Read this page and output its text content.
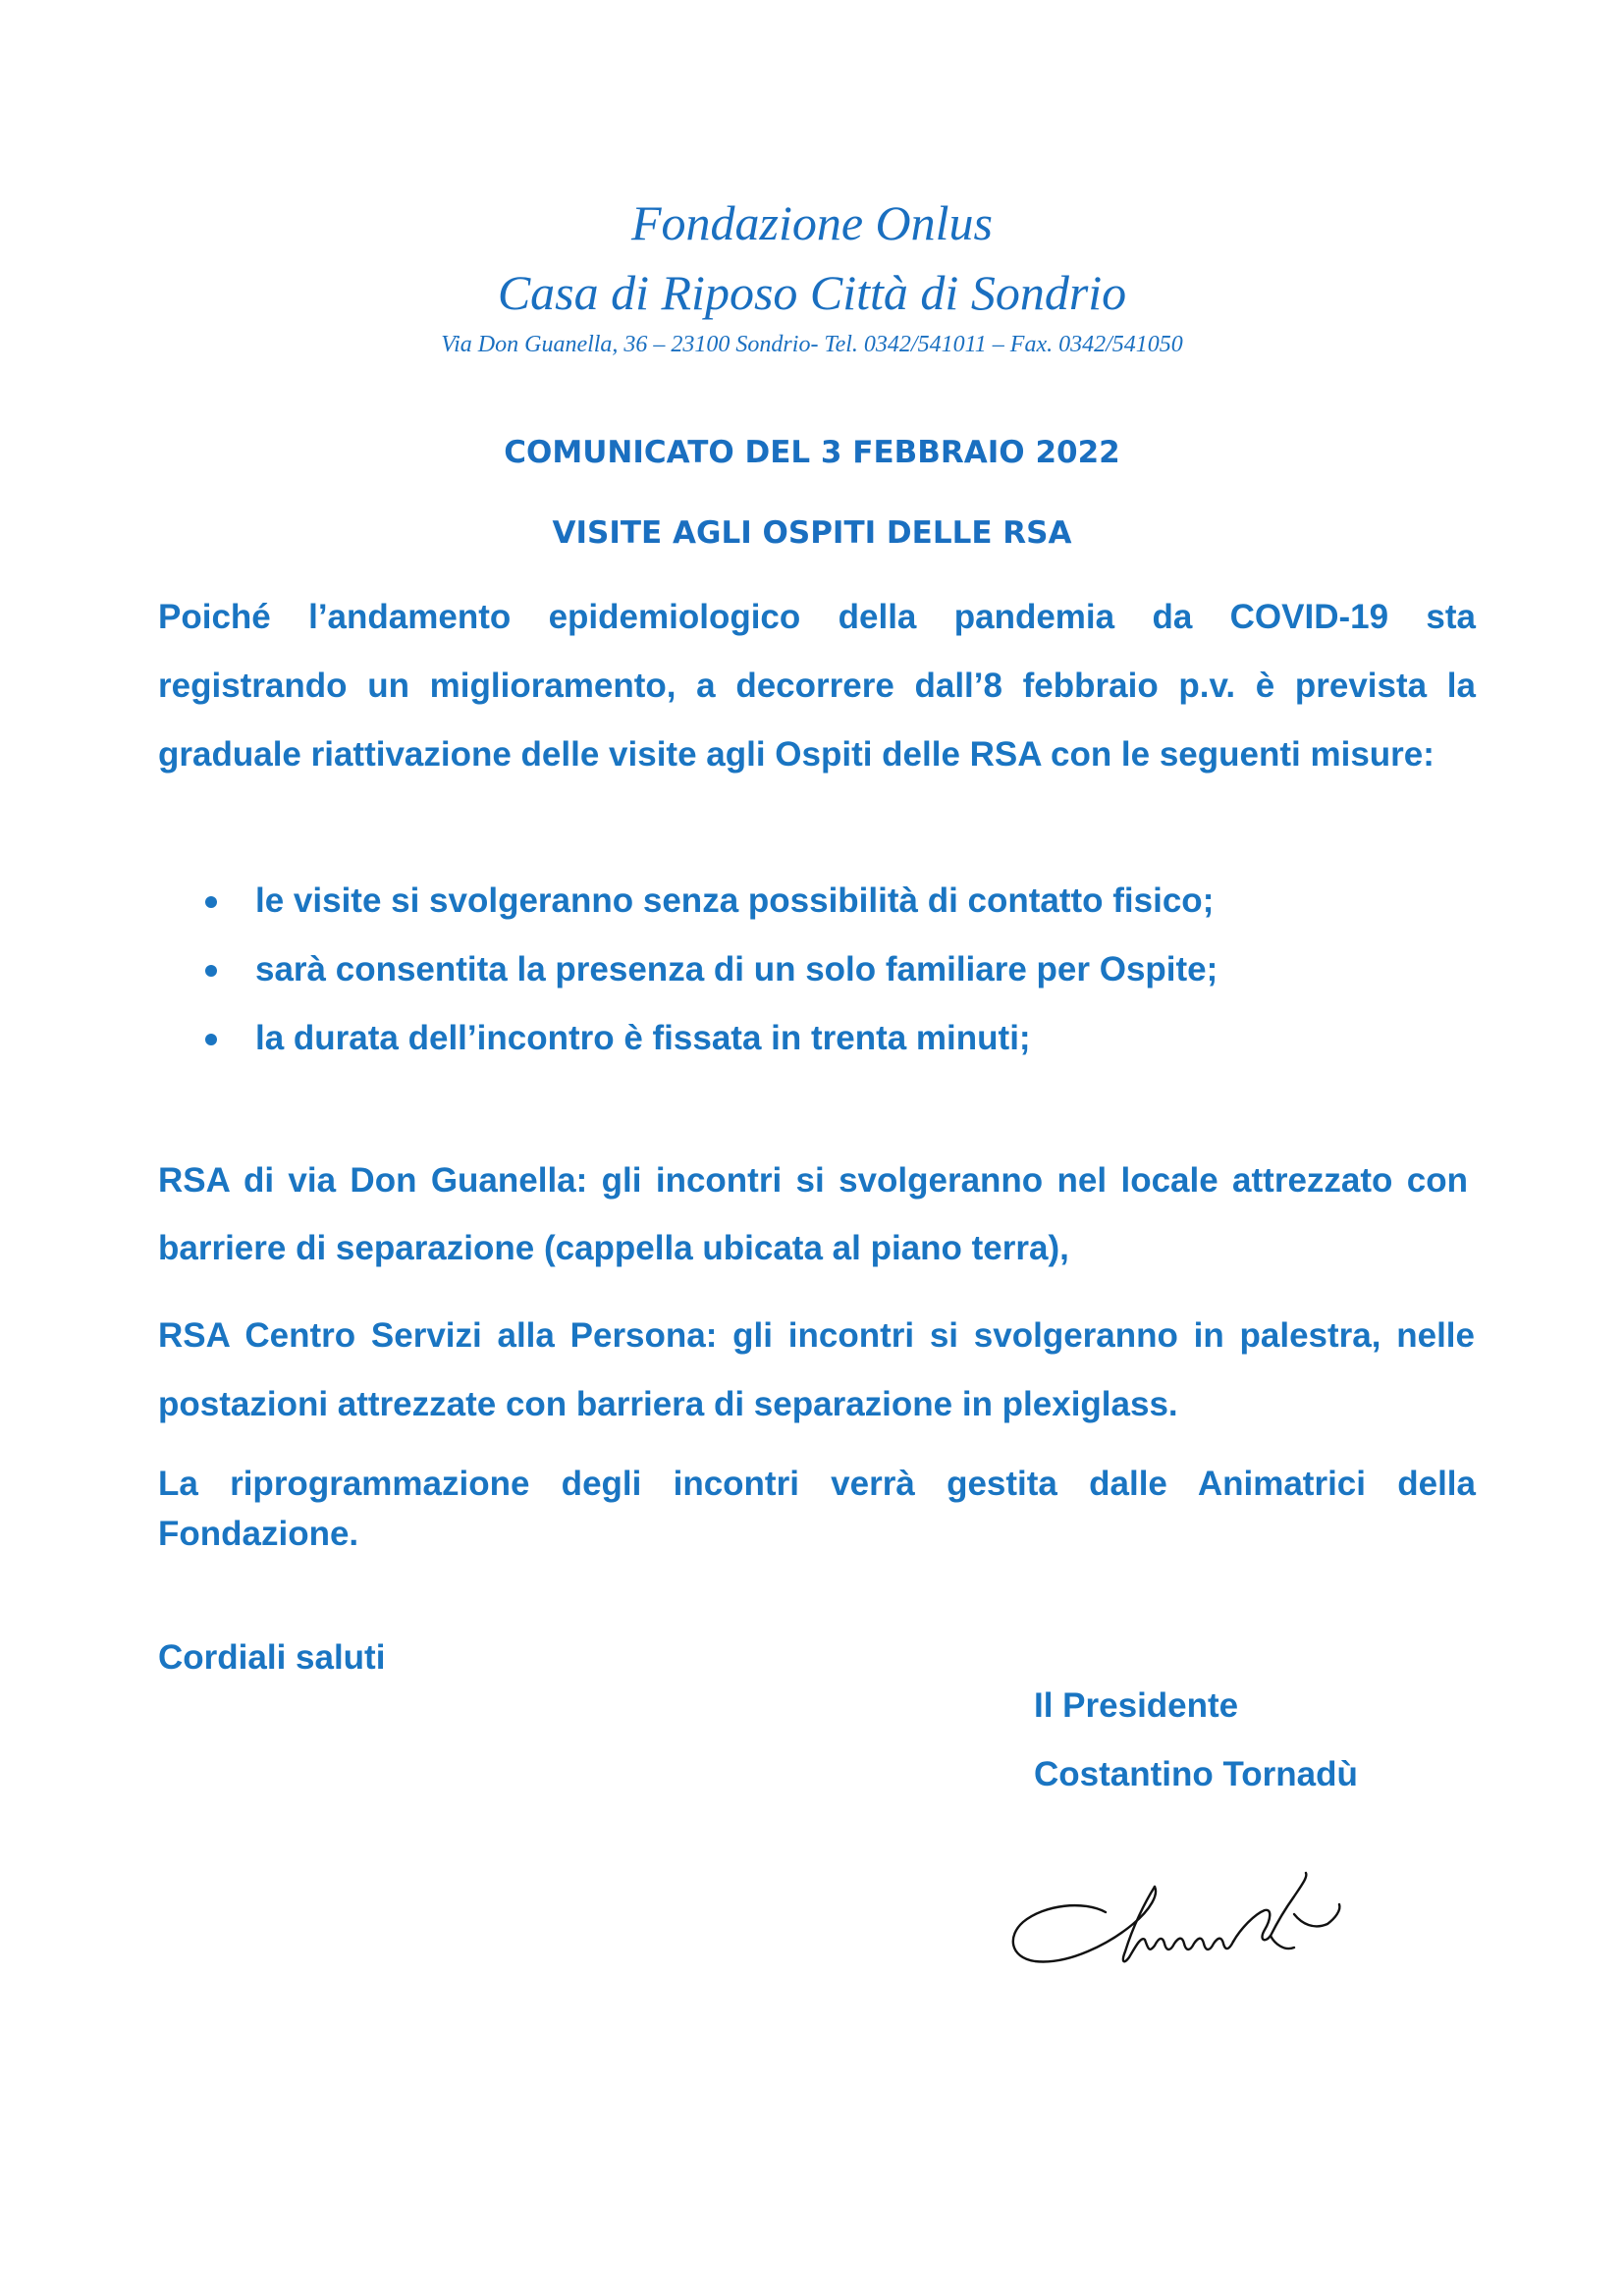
Fondazione Onlus
Casa di Riposo Città di Sondrio
Via Don Guanella, 36 – 23100 Sondrio- Tel. 0342/541011 – Fax. 0342/541050
COMUNICATO DEL 3 FEBBRAIO 2022
VISITE AGLI OSPITI DELLE RSA
Poiché l’andamento epidemiologico della pandemia da COVID-19 sta registrando un miglioramento, a decorrere dall’8 febbraio p.v. è prevista la graduale riattivazione delle visite agli Ospiti delle RSA con le seguenti misure:
le visite si svolgeranno senza possibilità di contatto fisico;
sarà consentita la presenza di un solo familiare per Ospite;
la durata dell’incontro è fissata in trenta minuti;
RSA di via Don Guanella: gli incontri si svolgeranno nel locale attrezzato con barriere di separazione (cappella ubicata al piano terra),
RSA Centro Servizi alla Persona: gli incontri si svolgeranno in palestra, nelle postazioni attrezzate con barriera di separazione in plexiglass.
La riprogrammazione degli incontri verrà gestita dalle Animatrici della Fondazione.
Cordiali saluti
Il Presidente
Costantino Tornadù
